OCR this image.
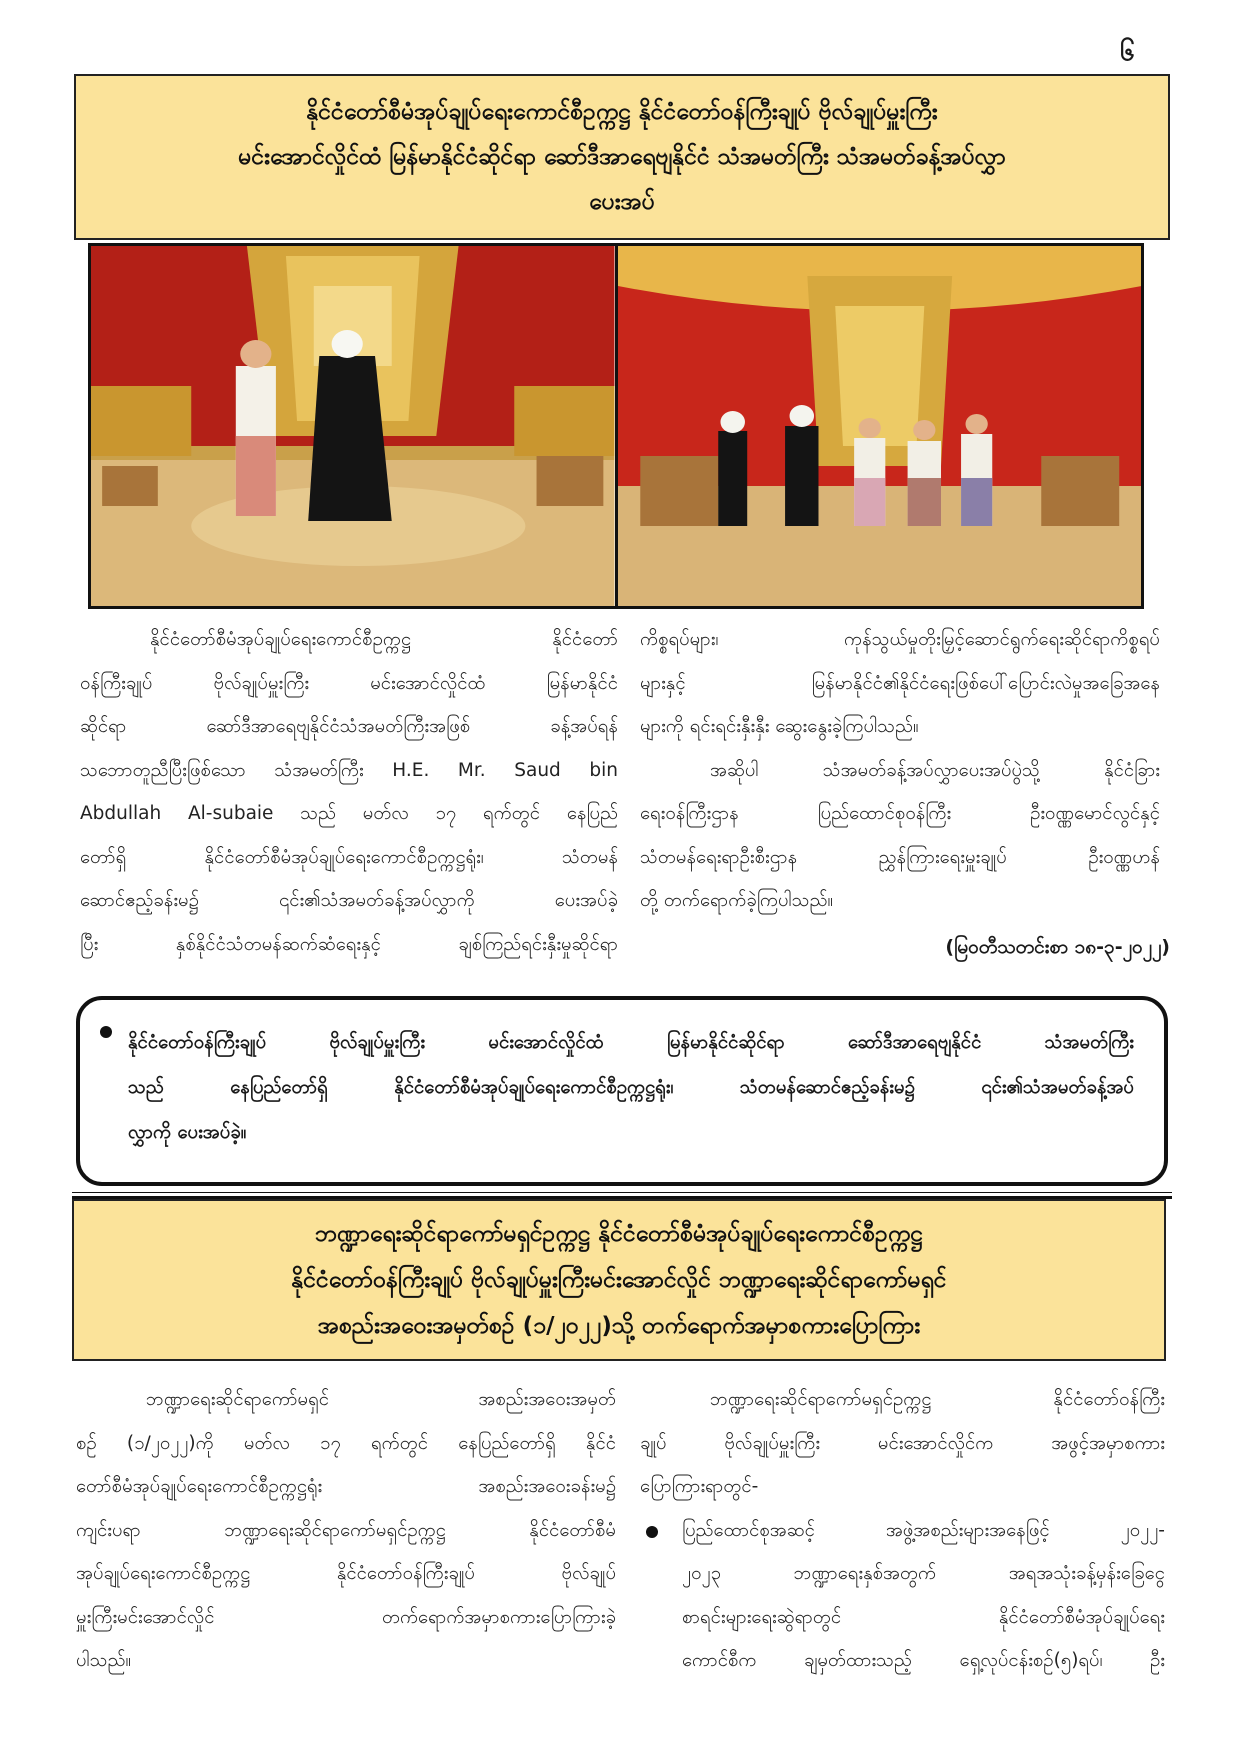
၆
နိုင်ငံတော်စီမံအုပ်ချုပ်ရေးကောင်စီဥက္ကဋ္ဌ နိုင်ငံတော်ဝန်ကြီးချုပ် ဗိုလ်ချုပ်မှူးကြီး
မင်းအောင်လှိုင်ထံ မြန်မာနိုင်ငံဆိုင်ရာ ဆော်ဒီအာရေဗျနိုင်ငံ သံအမတ်ကြီး သံအမတ်ခန့်အပ်လွှာ
ပေးအပ်
နိုင်ငံတော်စီမံအုပ်ချုပ်ရေးကောင်စီဥက္ကဋ္ဌ နိုင်ငံတော်
ဝန်ကြီးချုပ် ဗိုလ်ချုပ်မှူးကြီး မင်းအောင်လှိုင်ထံ မြန်မာနိုင်ငံ
ဆိုင်ရာ ဆော်ဒီအာရေဗျနိုင်ငံသံအမတ်ကြီးအဖြစ် ခန့်အပ်ရန်
သဘောတူညီပြီးဖြစ်သော သံအမတ်ကြီး H.E. Mr. Saud bin
Abdullah Al-subaie သည် မတ်လ ၁၇ ရက်တွင် နေပြည်
တော်ရှိ နိုင်ငံတော်စီမံအုပ်ချုပ်ရေးကောင်စီဥက္ကဋ္ဌရုံး၊ သံတမန်
ဆောင်ဧည့်ခန်းမ၌ ၎င်း၏သံအမတ်ခန့်အပ်လွှာကို ပေးအပ်ခဲ့
ပြီး နှစ်နိုင်ငံသံတမန်ဆက်ဆံရေးနှင့် ချစ်ကြည်ရင်းနှီးမှုဆိုင်ရာ
ကိစ္စရပ်များ၊ ကုန်သွယ်မှုတိုးမြှင့်ဆောင်ရွက်ရေးဆိုင်ရာကိစ္စရပ်
များနှင့် မြန်မာနိုင်ငံ၏နိုင်ငံရေးဖြစ်ပေါ်ပြောင်းလဲမှုအခြေအနေ
များကို ရင်းရင်းနှီးနှီး ဆွေးနွေးခဲ့ကြပါသည်။
အဆိုပါ သံအမတ်ခန့်အပ်လွှာပေးအပ်ပွဲသို့ နိုင်ငံခြား
ရေးဝန်ကြီးဌာန ပြည်ထောင်စုဝန်ကြီး ဦးဝဏ္ဏမောင်လွင်နှင့်
သံတမန်ရေးရာဦးစီးဌာန ညွှန်ကြားရေးမှူးချုပ် ဦးဝဏ္ဏဟန်
တို့ တက်ရောက်ခဲ့ကြပါသည်။
(မြဝတီသတင်းစာ ၁၈-၃-၂၀၂၂)
နိုင်ငံတော်ဝန်ကြီးချုပ် ဗိုလ်ချုပ်မှူးကြီး မင်းအောင်လှိုင်ထံ မြန်မာနိုင်ငံဆိုင်ရာ ဆော်ဒီအာရေဗျနိုင်ငံ သံအမတ်ကြီး
သည် နေပြည်တော်ရှိ နိုင်ငံတော်စီမံအုပ်ချုပ်ရေးကောင်စီဥက္ကဋ္ဌရုံး၊ သံတမန်ဆောင်ဧည့်ခန်းမ၌ ၎င်း၏သံအမတ်ခန့်အပ်
လွှာကို ပေးအပ်ခဲ့။
ဘဏ္ဍာရေးဆိုင်ရာကော်မရှင်ဥက္ကဋ္ဌ နိုင်ငံတော်စီမံအုပ်ချုပ်ရေးကောင်စီဥက္ကဋ္ဌ
နိုင်ငံတော်ဝန်ကြီးချုပ် ဗိုလ်ချုပ်မှူးကြီးမင်းအောင်လှိုင် ဘဏ္ဍာရေးဆိုင်ရာကော်မရှင်
အစည်းအဝေးအမှတ်စဉ် (၁/၂၀၂၂)သို့ တက်ရောက်အမှာစကားပြောကြား
ဘဏ္ဍာရေးဆိုင်ရာကော်မရှင် အစည်းအဝေးအမှတ်
စဉ် (၁/၂၀၂၂)ကို မတ်လ ၁၇ ရက်တွင် နေပြည်တော်ရှိ နိုင်ငံ
တော်စီမံအုပ်ချုပ်ရေးကောင်စီဥက္ကဋ္ဌရုံး အစည်းအဝေးခန်းမ၌
ကျင်းပရာ ဘဏ္ဍာရေးဆိုင်ရာကော်မရှင်ဥက္ကဋ္ဌ နိုင်ငံတော်စီမံ
အုပ်ချုပ်ရေးကောင်စီဥက္ကဋ္ဌ နိုင်ငံတော်ဝန်ကြီးချုပ် ဗိုလ်ချုပ်
မှူးကြီးမင်းအောင်လှိုင် တက်ရောက်အမှာစကားပြောကြားခဲ့
ပါသည်။
ဘဏ္ဍာရေးဆိုင်ရာကော်မရှင်ဥက္ကဋ္ဌ နိုင်ငံတော်ဝန်ကြီး
ချုပ် ဗိုလ်ချုပ်မှူးကြီး မင်းအောင်လှိုင်က အဖွင့်အမှာစကား
ပြောကြားရာတွင်-
ပြည်ထောင်စုအဆင့် အဖွဲ့အစည်းများအနေဖြင့် ၂၀၂၂-
၂၀၂၃ ဘဏ္ဍာရေးနှစ်အတွက် အရအသုံးခန့်မှန်းခြေငွေ
စာရင်းများရေးဆွဲရာတွင် နိုင်ငံတော်စီမံအုပ်ချုပ်ရေး
ကောင်စီက ချမှတ်ထားသည့် ရှေ့လုပ်ငန်းစဉ်(၅)ရပ်၊ ဦး
